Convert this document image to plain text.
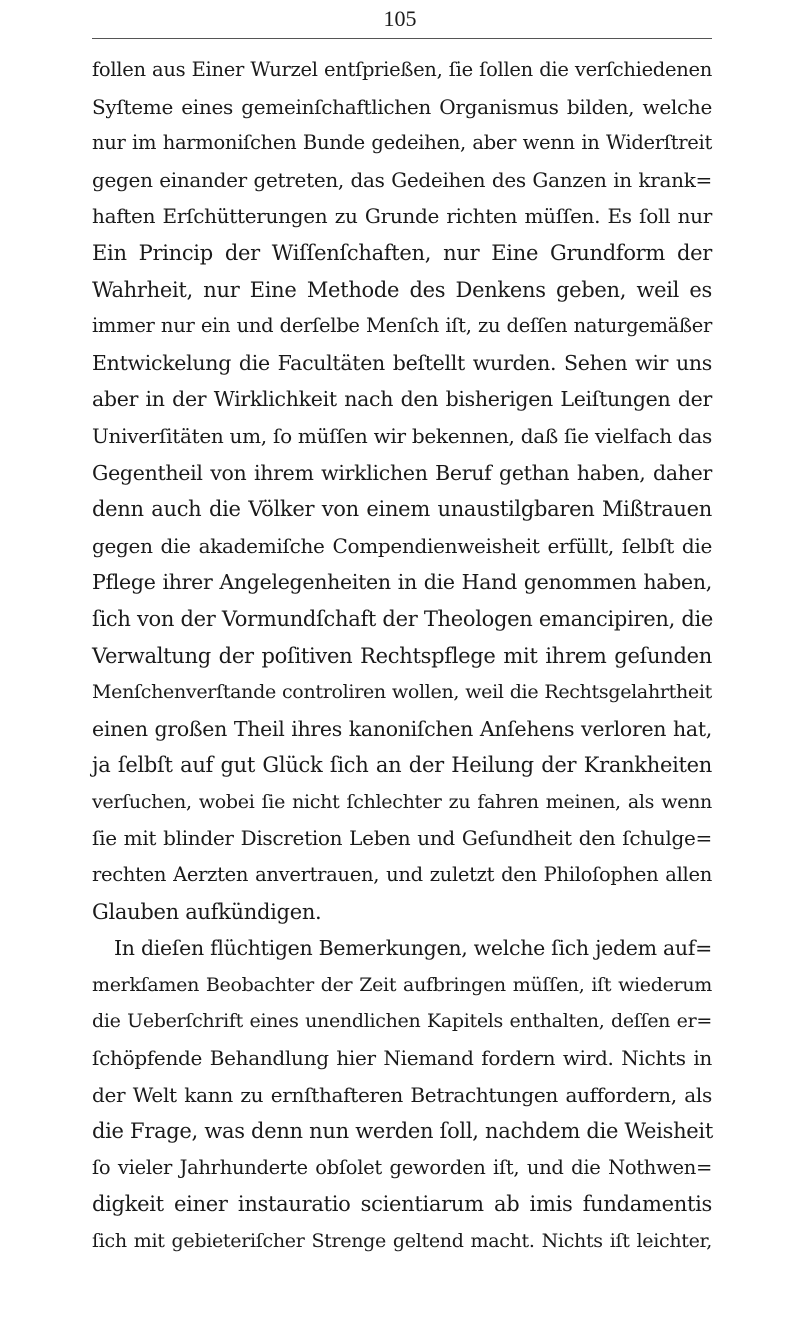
105
follen aus Einer Wurzel entſprießen, ſie ſollen die verſchiedenen
Syſteme eines gemeinſchaftlichen Organismus bilden, welche
nur im harmoniſchen Bunde gedeihen, aber wenn in Widerſtreit
gegen einander getreten, das Gedeihen des Ganzen in krank=
haften Erſchütterungen zu Grunde richten müſſen. Es ſoll nur
Ein Princip der Wiſſenſchaften, nur Eine Grundform der
Wahrheit, nur Eine Methode des Denkens geben, weil es
immer nur ein und derſelbe Menſch iſt, zu deſſen naturgemäßer
Entwickelung die Facultäten beſtellt wurden. Sehen wir uns
aber in der Wirklichkeit nach den bisherigen Leiſtungen der
Univerſitäten um, ſo müſſen wir bekennen, daß ſie vielfach das
Gegentheil von ihrem wirklichen Beruf gethan haben, daher
denn auch die Völker von einem unaustilgbaren Mißtrauen
gegen die akademiſche Compendienweisheit erfüllt, ſelbſt die
Pflege ihrer Angelegenheiten in die Hand genommen haben,
ſich von der Vormundſchaft der Theologen emancipiren, die
Verwaltung der poſitiven Rechtspflege mit ihrem geſunden
Menſchenverſtande controliren wollen, weil die Rechtsgelahrtheit
einen großen Theil ihres kanoniſchen Anſehens verloren hat,
ja ſelbſt auf gut Glück ſich an der Heilung der Krankheiten
verſuchen, wobei ſie nicht ſchlechter zu fahren meinen, als wenn
ſie mit blinder Discretion Leben und Geſundheit den ſchulge=
rechten Aerzten anvertrauen, und zuletzt den Philoſophen allen
Glauben aufkündigen.
In dieſen flüchtigen Bemerkungen, welche ſich jedem auf=
merkſamen Beobachter der Zeit aufbringen müſſen, iſt wiederum
die Ueberſchrift eines unendlichen Kapitels enthalten, deſſen er=
ſchöpfende Behandlung hier Niemand fordern wird. Nichts in
der Welt kann zu ernſthafteren Betrachtungen auffordern, als
die Frage, was denn nun werden ſoll, nachdem die Weisheit
ſo vieler Jahrhunderte obſolet geworden iſt, und die Nothwen=
digkeit einer instauratio scientiarum ab imis fundamentis
ſich mit gebieteriſcher Strenge geltend macht. Nichts iſt leichter,
